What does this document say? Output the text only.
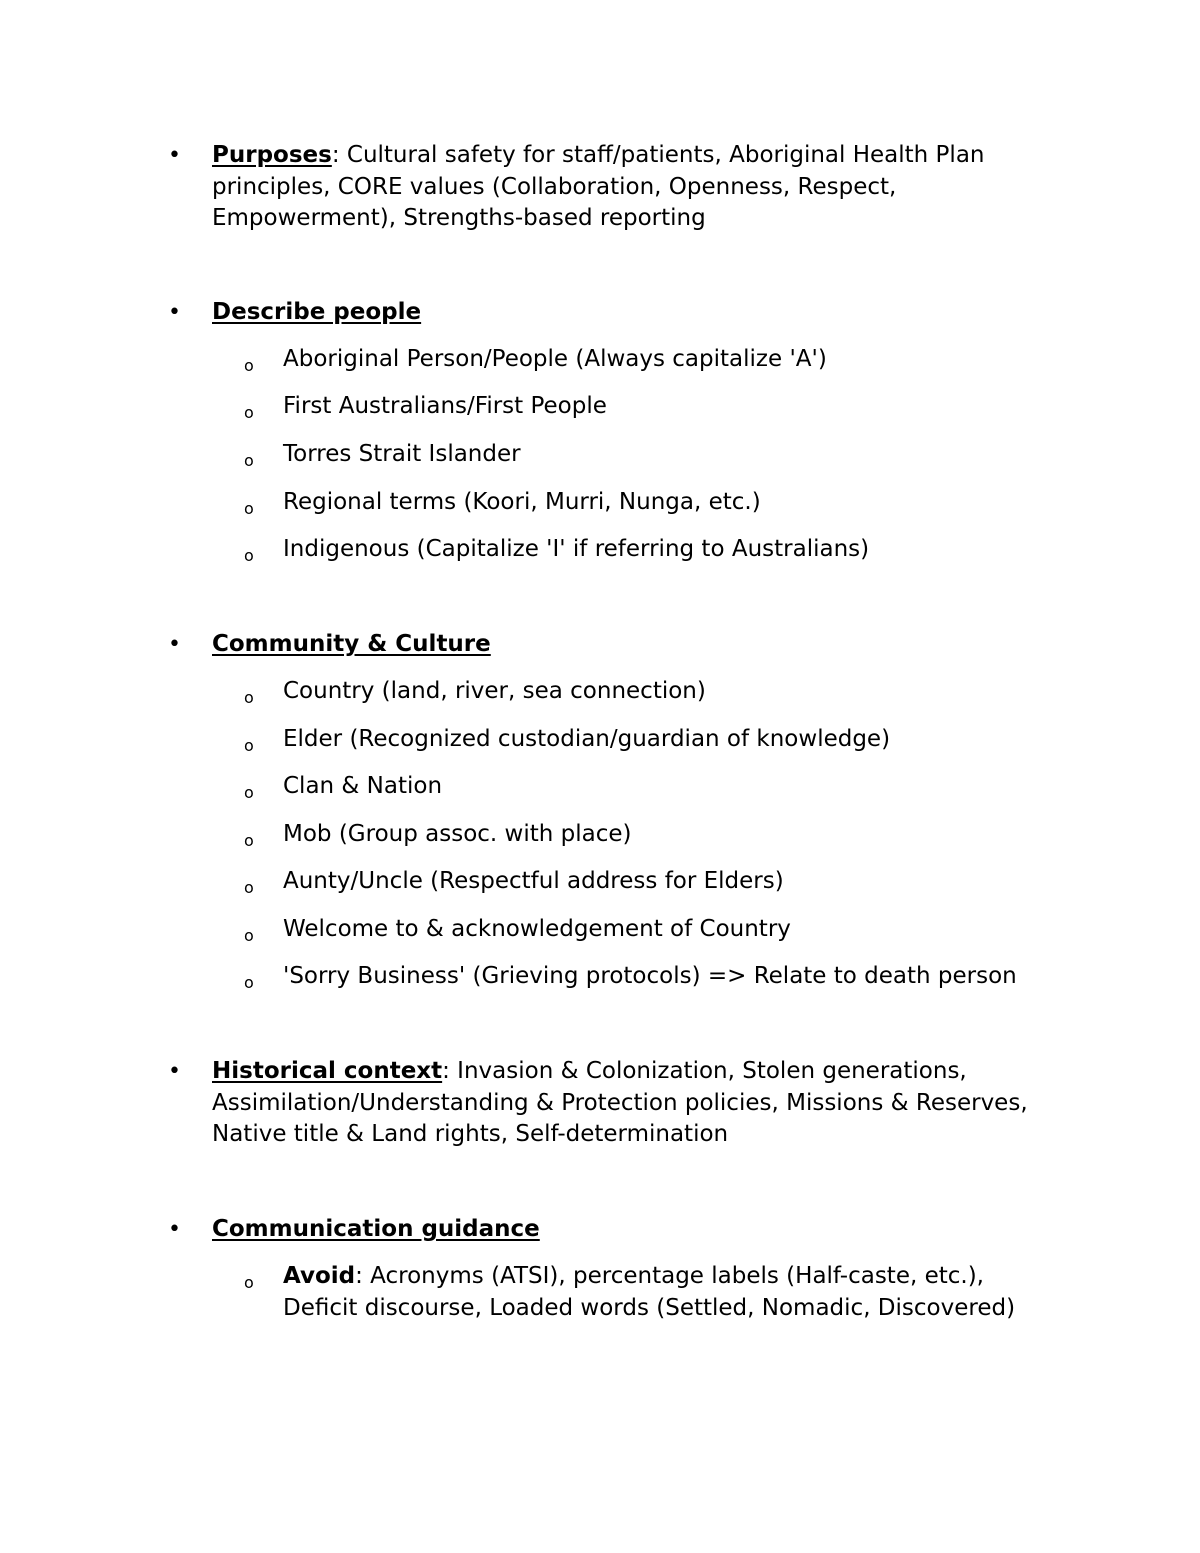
• Purposes: Cultural safety for staff/patients, Aboriginal Health Plan principles, CORE values (Collaboration, Openness, Respect, Empowerment), Strengths-based reporting
• Describe people
o Aboriginal Person/People (Always capitalize 'A')
o First Australians/First People
o Torres Strait Islander
o Regional terms (Koori, Murri, Nunga, etc.)
o Indigenous (Capitalize 'I' if referring to Australians)
• Community & Culture
o Country (land, river, sea connection)
o Elder (Recognized custodian/guardian of knowledge)
o Clan & Nation
o Mob (Group assoc. with place)
o Aunty/Uncle (Respectful address for Elders)
o Welcome to & acknowledgement of Country
o 'Sorry Business' (Grieving protocols) => Relate to death person
• Historical context: Invasion & Colonization, Stolen generations, Assimilation/Understanding & Protection policies, Missions & Reserves, Native title & Land rights, Self-determination
• Communication guidance
o Avoid: Acronyms (ATSI), percentage labels (Half-caste, etc.), Deficit discourse, Loaded words (Settled, Nomadic, Discovered)
